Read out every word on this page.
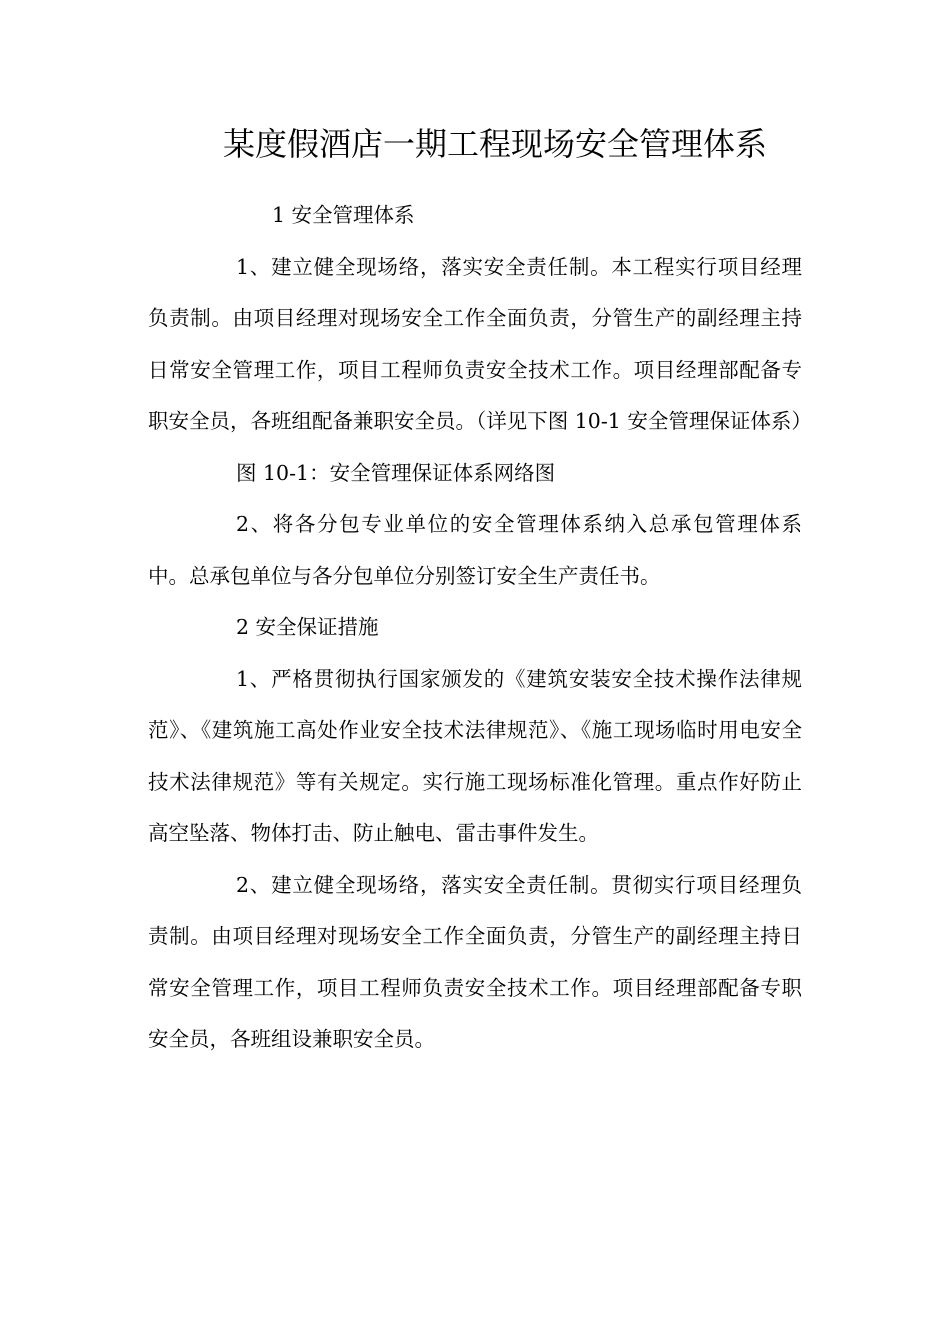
某度假酒店一期工程现场安全管理体系

1 安全管理体系

1、建立健全现场络，落实安全责任制。本工程实行项目经理负责制。由项目经理对现场安全工作全面负责，分管生产的副经理主持日常安全管理工作，项目工程师负责安全技术工作。项目经理部配备专职安全员，各班组配备兼职安全员。（详见下图 10-1 安全管理保证体系）

图 10-1：安全管理保证体系网络图

2、将各分包专业单位的安全管理体系纳入总承包管理体系中。总承包单位与各分包单位分别签订安全生产责任书。

2 安全保证措施

1、严格贯彻执行国家颁发的《建筑安装安全技术操作法律规范》、《建筑施工高处作业安全技术法律规范》、《施工现场临时用电安全技术法律规范》等有关规定。实行施工现场标准化管理。重点作好防止高空坠落、物体打击、防止触电、雷击事件发生。

2、建立健全现场络，落实安全责任制。贯彻实行项目经理负责制。由项目经理对现场安全工作全面负责，分管生产的副经理主持日常安全管理工作，项目工程师负责安全技术工作。项目经理部配备专职安全员，各班组设兼职安全员。
